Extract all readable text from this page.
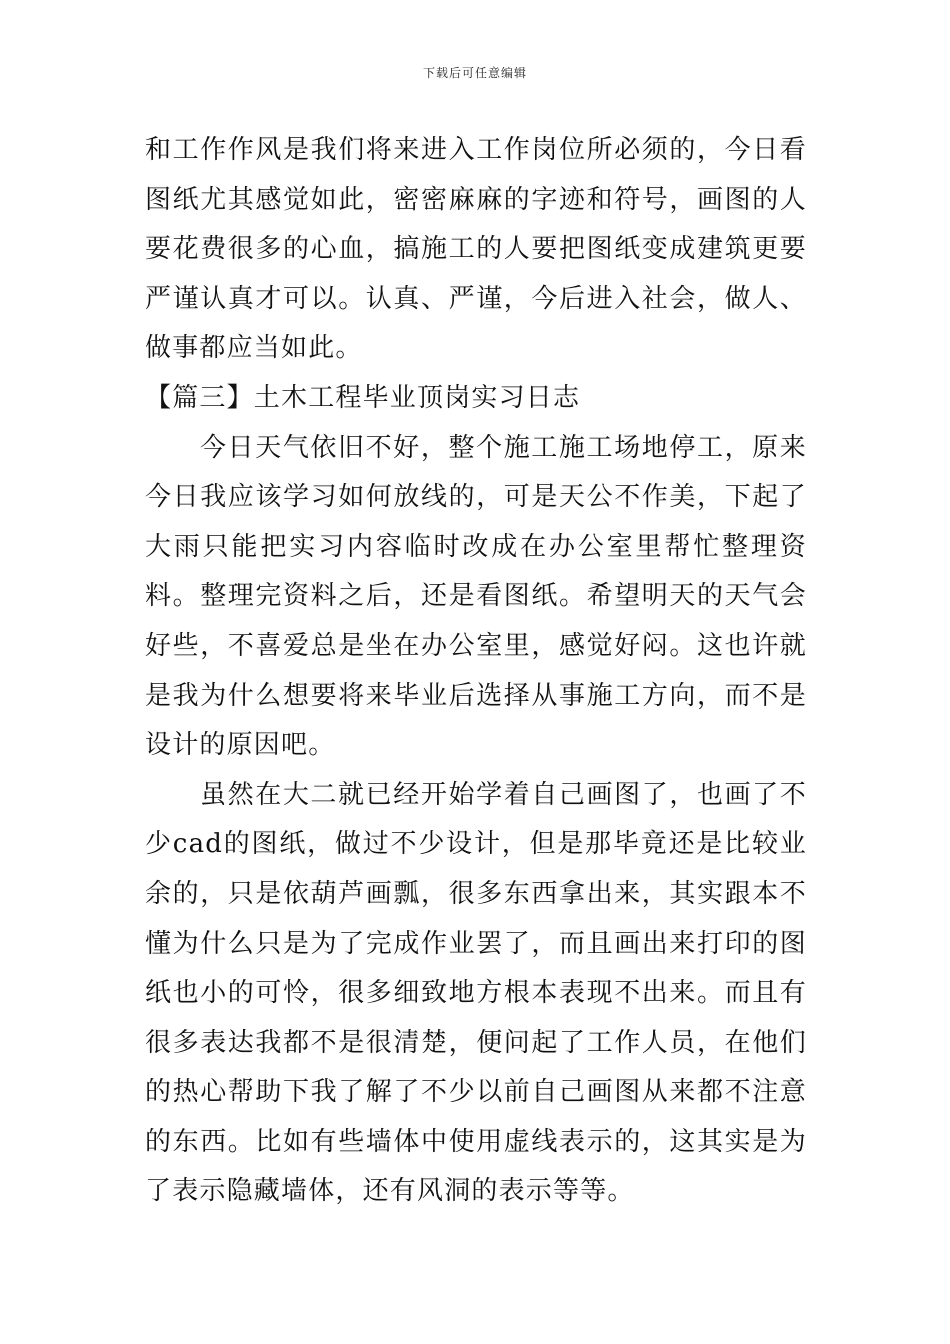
下载后可任意编辑

和工作作风是我们将来进入工作岗位所必须的，今日看图纸尤其感觉如此，密密麻麻的字迹和符号，画图的人要花费很多的心血，搞施工的人要把图纸变成建筑更要严谨认真才可以。认真、严谨，今后进入社会，做人、做事都应当如此。

【篇三】土木工程毕业顶岗实习日志

今日天气依旧不好，整个施工施工场地停工，原来今日我应该学习如何放线的，可是天公不作美，下起了大雨只能把实习内容临时改成在办公室里帮忙整理资料。整理完资料之后，还是看图纸。希望明天的天气会好些，不喜爱总是坐在办公室里，感觉好闷。这也许就是我为什么想要将来毕业后选择从事施工方向，而不是设计的原因吧。

虽然在大二就已经开始学着自己画图了，也画了不少cad的图纸，做过不少设计，但是那毕竟还是比较业余的，只是依葫芦画瓢，很多东西拿出来，其实跟本不懂为什么只是为了完成作业罢了，而且画出来打印的图纸也小的可怜，很多细致地方根本表现不出来。而且有很多表达我都不是很清楚，便问起了工作人员，在他们的热心帮助下我了解了不少以前自己画图从来都不注意的东西。比如有些墙体中使用虚线表示的，这其实是为了表示隐藏墙体，还有风洞的表示等等。
